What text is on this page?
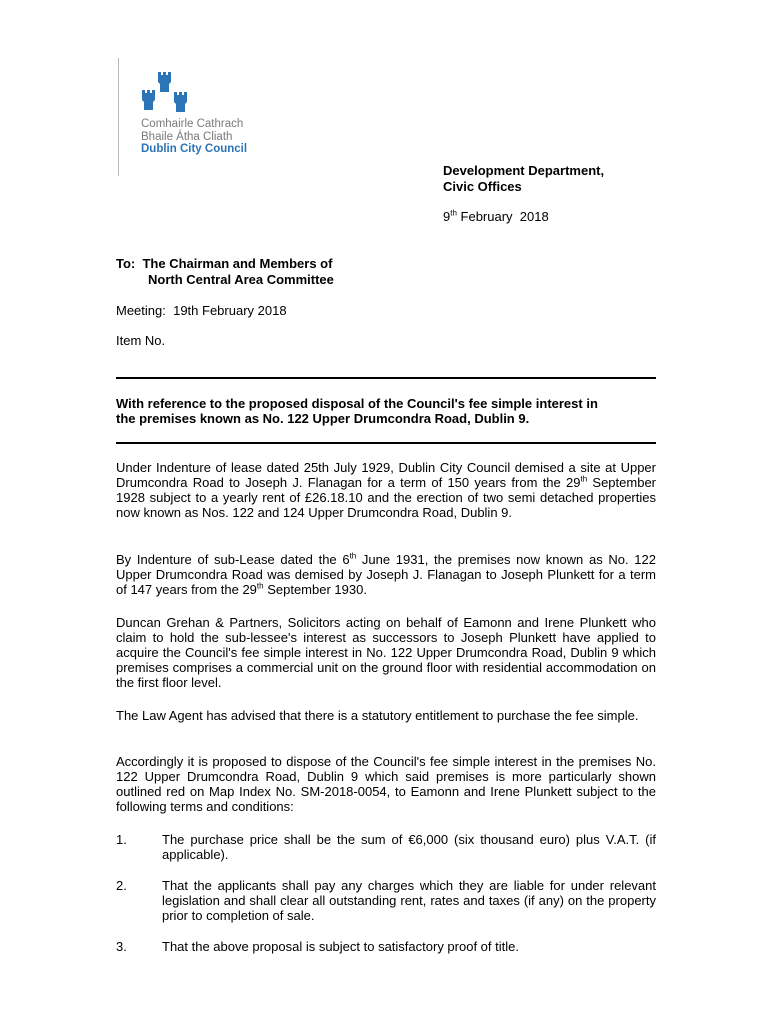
Comhairle Cathrach
Bhaile Átha Cliath
Dublin City Council
Development Department,
Civic Offices
9th February  2018
To:  The Chairman and Members of
North Central Area Committee
Meeting:  19th February 2018
Item No.
With reference to the proposed disposal of the Council's fee simple interest in
the premises known as No. 122 Upper Drumcondra Road, Dublin 9.
Under Indenture of lease dated 25th July 1929, Dublin City Council demised a site at Upper Drumcondra Road to Joseph J. Flanagan for a term of 150 years from the 29th September 1928 subject to a yearly rent of £26.18.10 and the erection of two semi detached properties now known as Nos. 122 and 124 Upper Drumcondra Road, Dublin 9.
By Indenture of sub-Lease dated the 6th June 1931, the premises now known as No. 122 Upper Drumcondra Road was demised by Joseph J. Flanagan to Joseph Plunkett for a term of 147 years from the 29th September 1930.
Duncan Grehan & Partners, Solicitors acting on behalf of Eamonn and Irene Plunkett who claim to hold the sub-lessee's interest as successors to Joseph Plunkett have applied to acquire the Council's fee simple interest in No. 122 Upper Drumcondra Road, Dublin 9 which premises comprises a commercial unit on the ground floor with residential accommodation on the first floor level.
The Law Agent has advised that there is a statutory entitlement to purchase the fee simple.
Accordingly it is proposed to dispose of the Council's fee simple interest in the premises No. 122 Upper Drumcondra Road, Dublin 9 which said premises is more particularly shown outlined red on Map Index No. SM-2018-0054, to Eamonn and Irene Plunkett subject to the following terms and conditions:
1.	The purchase price shall be the sum of €6,000 (six thousand euro) plus V.A.T. (if applicable).
2.	That the applicants shall pay any charges which they are liable for under relevant legislation and shall clear all outstanding rent, rates and taxes (if any) on the property prior to completion of sale.
3.	That the above proposal is subject to satisfactory proof of title.
